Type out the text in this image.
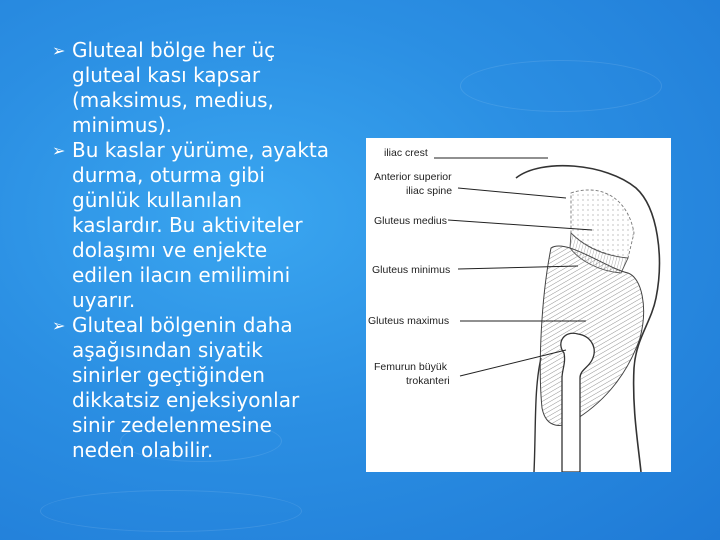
➢ Gluteal bölge her üç
gluteal kası kapsar
(maksimus, medius,
minimus).
➢ Bu kaslar yürüme, ayakta
durma, oturma gibi
günlük kullanılan
kaslardır. Bu aktiviteler
dolaşımı ve enjekte
edilen ilacın emilimini
uyarır.
➢ Gluteal bölgenin daha
aşağısından siyatik
sinirler geçtiğinden
dikkatsiz enjeksiyonlar
sinir zedelenmesine
neden olabilir.
iliac crest
Anterior superior
iliac spine
Gluteus medius
Gluteus minimus
Gluteus maximus
Femurun büyük
trokanteri
